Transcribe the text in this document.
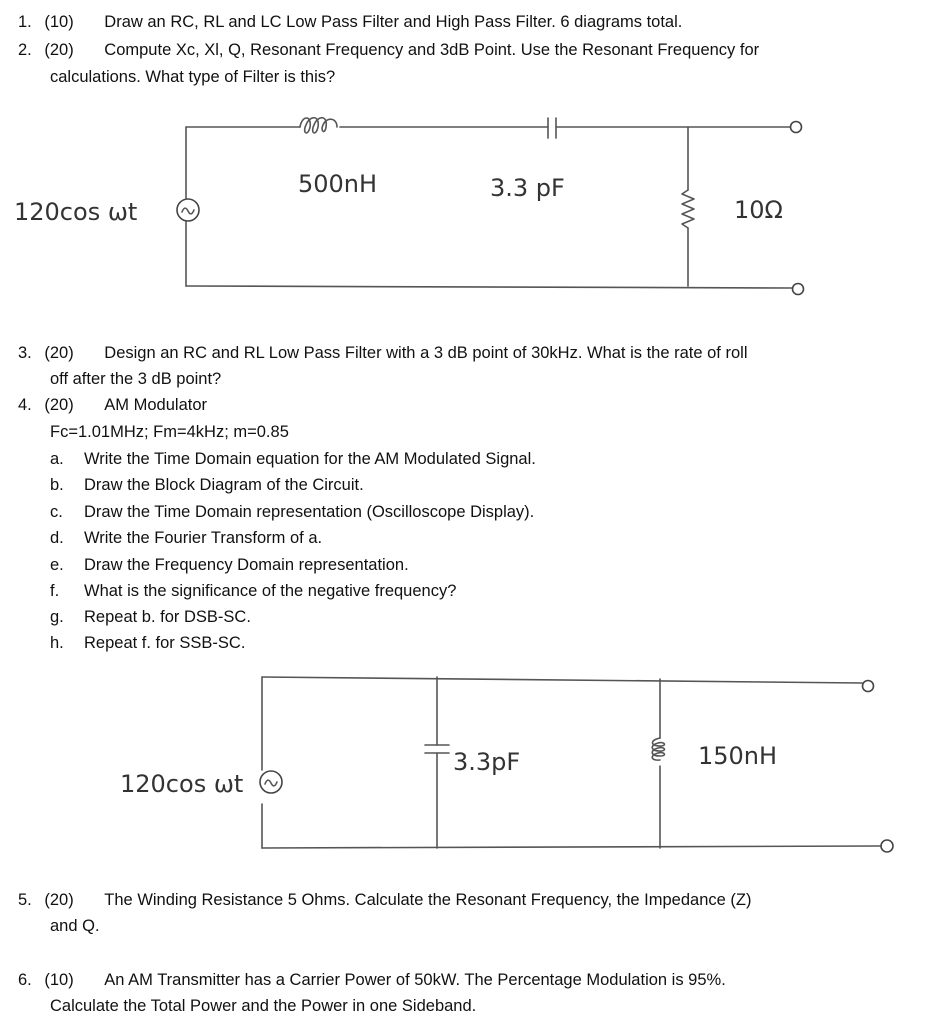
1. (10) Draw an RC, RL and LC Low Pass Filter and High Pass Filter. 6 diagrams total.
2. (20) Compute Xc, Xl, Q, Resonant Frequency and 3dB Point. Use the Resonant Frequency for
calculations. What type of Filter is this?
120cos ωt
500nH	3.3 pF
10Ω
3. (20) Design an RC and RL Low Pass Filter with a 3 dB point of 30kHz. What is the rate of roll
off after the 3 dB point?
4. (20) AM Modulator
Fc=1.01MHz; Fm=4kHz; m=0.85
a. Write the Time Domain equation for the AM Modulated Signal.
b. Draw the Block Diagram of the Circuit.
c. Draw the Time Domain representation (Oscilloscope Display).
d. Write the Fourier Transform of a.
e. Draw the Frequency Domain representation.
f. What is the significance of the negative frequency?
g. Repeat b. for DSB-SC.
h. Repeat f. for SSB-SC.
120cos ωt
3.3pF	150nH
5. (20) The Winding Resistance 5 Ohms. Calculate the Resonant Frequency, the Impedance (Z)
and Q.
6. (10) An AM Transmitter has a Carrier Power of 50kW. The Percentage Modulation is 95%.
Calculate the Total Power and the Power in one Sideband.
